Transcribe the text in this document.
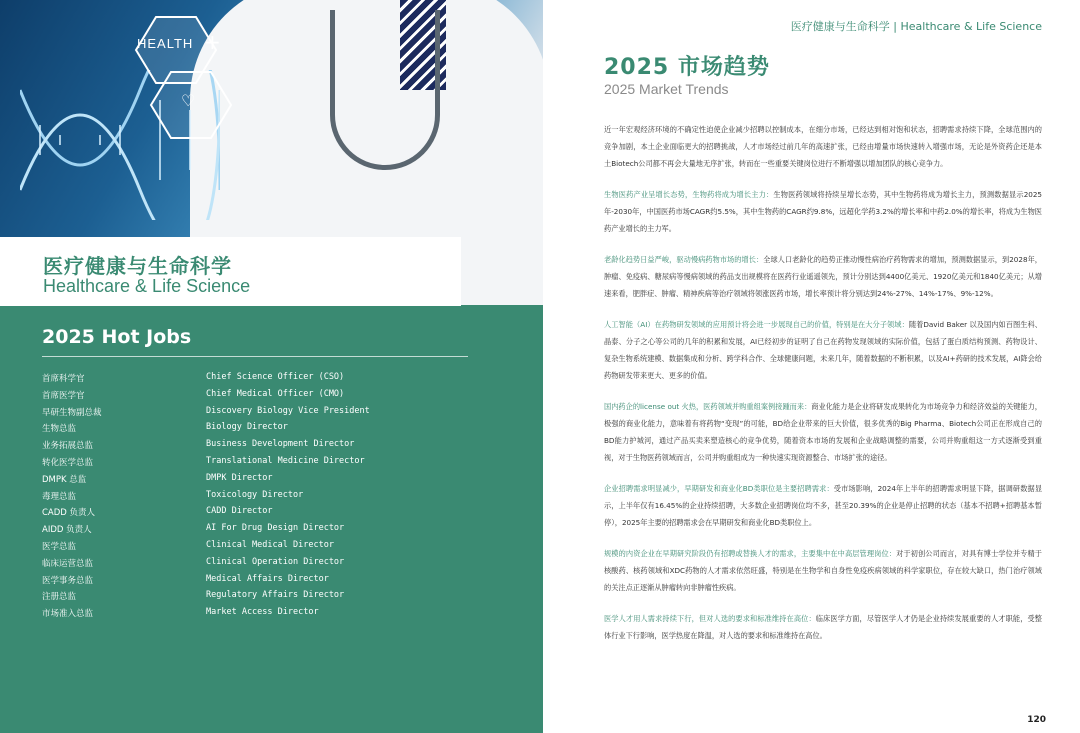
HEALTH +
♡
医疗健康与生命科学
Healthcare & Life Science
2025 Hot Jobs
首席科学官	Chief Science Officer (CSO)
首席医学官	Chief Medical Officer (CMO)
早研生物副总裁	Discovery Biology Vice President
生物总监	Biology Director
业务拓展总监	Business Development Director
转化医学总监	Translational Medicine Director
DMPK 总监	DMPK Director
毒理总监	Toxicology Director
CADD 负责人	CADD Director
AIDD 负责人	AI For Drug Design Director
医学总监	Clinical Medical Director
临床运营总监	Clinical Operation Director
医学事务总监	Medical Affairs Director
注册总监	Regulatory Affairs Director
市场准入总监	Market Access Director
医疗健康与生命科学 | Healthcare & Life Science
2025 市场趋势
2025 Market Trends

近一年宏观经济环境的不确定性迫使企业减少招聘以控制成本，在细分市场，已经达到相对饱和状态，招聘需求持续下降，全球范围内的竞争加剧，本土企业面临更大的招聘挑战，人才市场经过前几年的高速扩张，已经由增量市场快速转入增强市场，无论是外资药企还是本土Biotech公司都不再会大量地无序扩张，转而在一些重要关键岗位进行不断增强以增加团队的核心竞争力。

生物医药产业呈增长态势，生物药将成为增长主力：生物医药领域将持续呈增长态势，其中生物药将成为增长主力，预测数据显示2025年-2030年，中国医药市场CAGR约5.5%，其中生物药的CAGR约9.8%，远超化学药3.2%的增长率和中药2.0%的增长率，将成为生物医药产业增长的主力军。

老龄化趋势日益严峻，驱动慢病药物市场的增长：全球人口老龄化的趋势正推动慢性病治疗药物需求的增加，预测数据显示，到2028年，肿瘤、免疫病、糖尿病等慢病领域的药品支出规模将在医药行业遥遥领先，预计分别达到4400亿美元、1920亿美元和1840亿美元；从增速来看，肥胖症、肿瘤、精神疾病等治疗领域将领涨医药市场，增长率预计将分别达到24%-27%、14%-17%、9%-12%。

人工智能（AI）在药物研发领域的应用预计将会进一步展现自己的价值，特别是在大分子领域：随着David Baker 以及国内如百图生科、晶泰、分子之心等公司的几年的积累和发展，AI已经初步的证明了自己在药物发现领域的实际价值，包括了蛋白质结构预测、药物设计、复杂生物系统建模、数据集成和分析、跨学科合作、全球健康问题，未来几年，随着数据的不断积累，以及AI+药研的技术发展，AI降会给药物研发带来更大、更多的价值。

国内药企的license out 火热，医药领域并购重组案例接踵而来：商业化能力是企业将研发成果转化为市场竞争力和经济效益的关键能力，极强的商业化能力，意味着有将药物“变现”的可能，BD给企业带来的巨大价值，很多优秀的Big Pharma、Biotech公司正在形成自己的BD能力护城河，通过产品买卖来塑造核心的竞争优势，随着资本市场的发展和企业战略调整的需要，公司并购重组这一方式逐渐受到重视，对于生物医药领域而言，公司并购重组成为一种快速实现资源整合、市场扩张的途径。

企业招聘需求明显减少，早期研发和商业化BD类职位是主要招聘需求：受市场影响，2024年上半年的招聘需求明显下降，据调研数据显示，上半年仅有16.45%的企业持续招聘，大多数企业招聘岗位均不多，甚至20.39%的企业是停止招聘的状态（基本不招聘+招聘基本暂停），2025年主要的招聘需求会在早期研发和商业化BD类职位上。

规模的内资企业在早期研究阶段仍有招聘或替换人才的需求，主要集中在中高层管理岗位：对于初创公司而言，对具有博士学位并专精于核酸药、核药领域和XDC药物的人才需求依然旺盛，特别是在生物学和自身性免疫疾病领域的科学家职位，存在较大缺口，热门治疗领域的关注点正逐渐从肿瘤转向非肿瘤性疾病。

医学人才用人需求持续下行，但对人选的要求和标准维持在高位：临床医学方面，尽管医学人才仍是企业持续发展重要的人才职能，受整体行业下行影响，医学热度在降温，对人选的要求和标准维持在高位。

120
